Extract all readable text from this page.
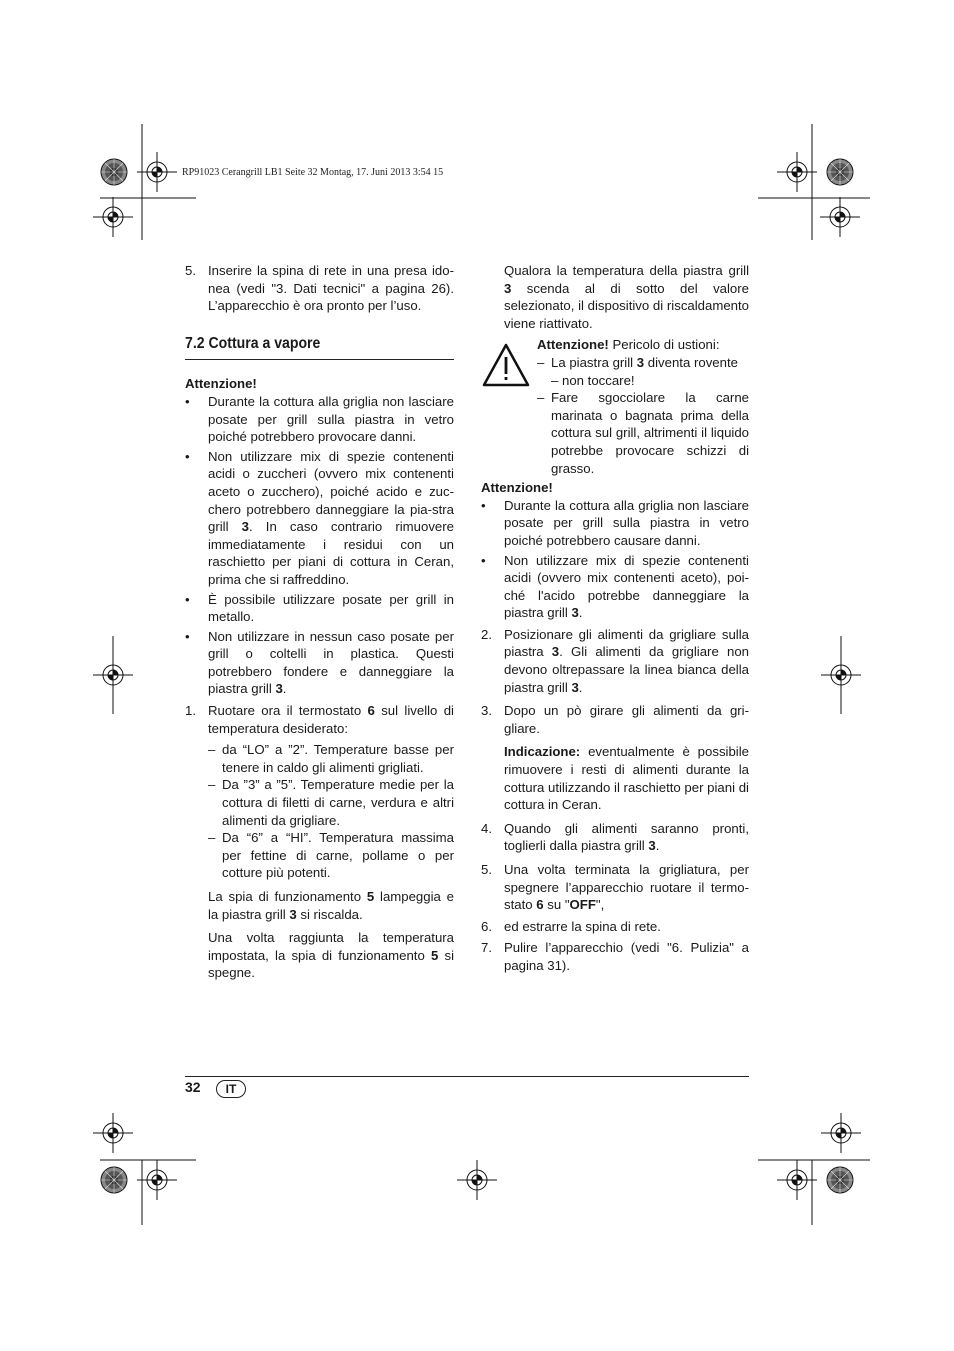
RP91023 Cerangrill LB1 Seite 32 Montag, 17. Juni 2013 3:54 15
5. Inserire la spina di rete in una presa ido-nea (vedi "3. Dati tecnici" a pagina 26). L’apparecchio è ora pronto per l’uso.
7.2 Cottura a vapore
Attenzione!
• Durante la cottura alla griglia non lasciare posate per grill sulla piastra in vetro poiché potrebbero provocare danni.
• Non utilizzare mix di spezie contenenti acidi o zuccheri (ovvero mix contenenti aceto o zucchero), poiché acido e zuc-chero potrebbero danneggiare la pia-stra grill 3. In caso contrario rimuovere immediatamente i residui con un raschietto per piani di cottura in Ceran, prima che si raffreddino.
• È possibile utilizzare posate per grill in metallo.
• Non utilizzare in nessun caso posate per grill o coltelli in plastica. Questi potrebbero fondere e danneggiare la piastra grill 3.
1. Ruotare ora il termostato 6 sul livello di temperatura desiderato:
– da “LO” a ”2”. Temperature basse per tenere in caldo gli alimenti grigliati.
– Da ”3” a ”5”. Temperature medie per la cottura di filetti di carne, verdura e altri alimenti da grigliare.
– Da “6” a “HI”. Temperatura massima per fettine di carne, pollame o per cotture più potenti.
La spia di funzionamento 5 lampeggia e la piastra grill 3 si riscalda.
Una volta raggiunta la temperatura impostata, la spia di funzionamento 5 si spegne.
Qualora la temperatura della piastra grill 3 scenda al di sotto del valore selezionato, il dispositivo di riscaldamento viene riattivato.
Attenzione! Pericolo di ustioni:
– La piastra grill 3 diventa rovente
– non toccare!
– Fare sgocciolare la carne marinata o bagnata prima della cottura sul grill, altrimenti il liquido potrebbe provocare schizzi di grasso.
Attenzione!
• Durante la cottura alla griglia non lasciare posate per grill sulla piastra in vetro poiché potrebbero causare danni.
• Non utilizzare mix di spezie contenenti acidi (ovvero mix contenenti aceto), poi-ché l'acido potrebbe danneggiare la piastra grill 3.
2. Posizionare gli alimenti da grigliare sulla piastra 3. Gli alimenti da grigliare non devono oltrepassare la linea bianca della piastra grill 3.
3. Dopo un pò girare gli alimenti da gri-gliare.
Indicazione: eventualmente è possibile rimuovere i resti di alimenti durante la cottura utilizzando il raschietto per piani di cottura in Ceran.
4. Quando gli alimenti saranno pronti, toglierli dalla piastra grill 3.
5. Una volta terminata la grigliatura, per spegnere l’apparecchio ruotare il termo-stato 6 su "OFF",
6. ed estrarre la spina di rete.
7. Pulire l’apparecchio (vedi "6. Pulizia" a pagina 31).
32	IT
